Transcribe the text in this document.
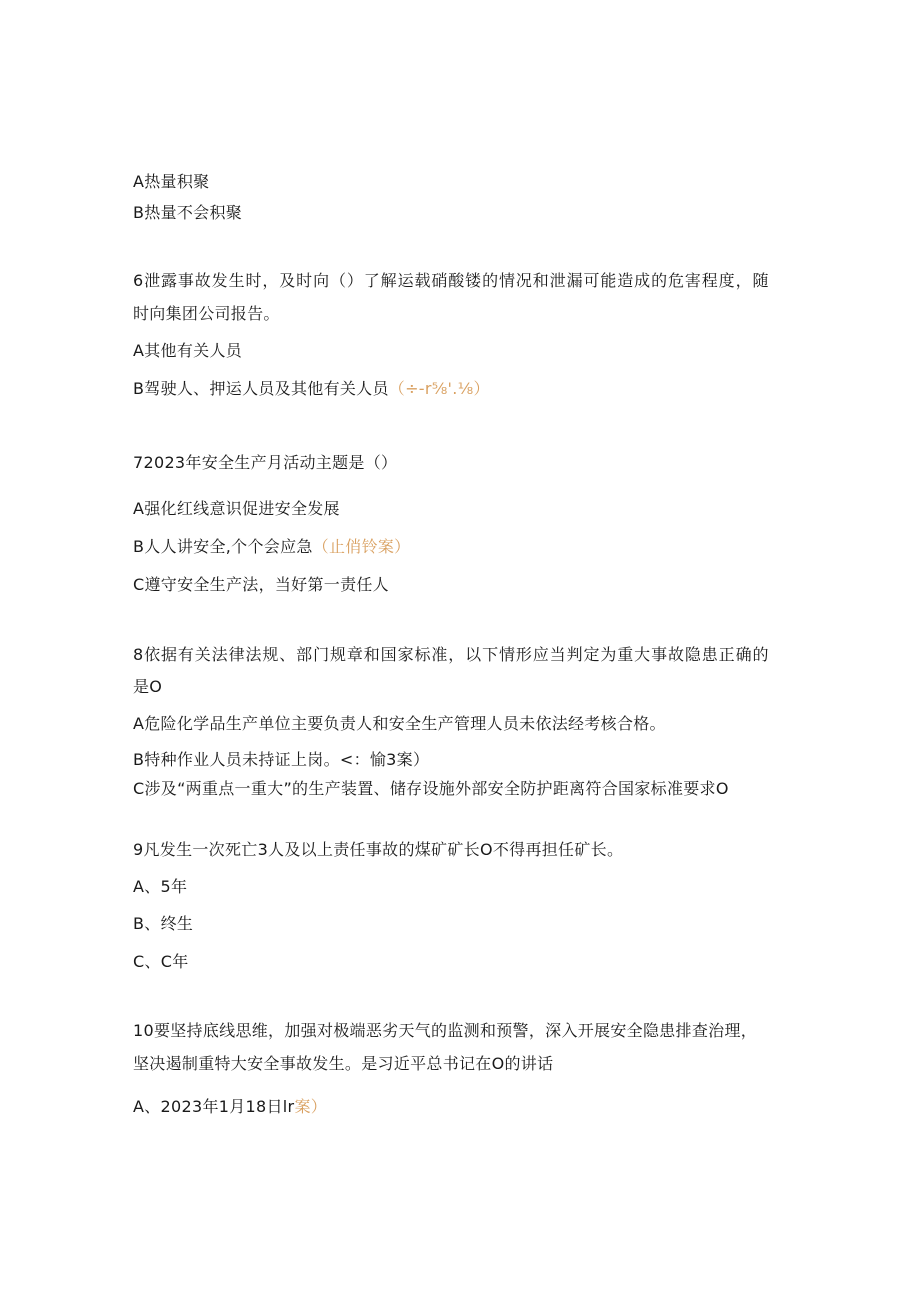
A热量积聚
B热量不会积聚
6泄露事故发生时，及时向（）了解运载硝酸镂的情况和泄漏可能造成的危害程度，随
时向集团公司报告。
A其他有关人员
B驾驶人、押运人员及其他有关人员（÷-r⅝'.⅛）
72023年安全生产月活动主题是（）
A强化红线意识促进安全发展
B人人讲安全,个个会应急（止俏铃案）
C遵守安全生产法，当好第一责任人
8依据有关法律法规、部门规章和国家标准，以下情形应当判定为重大事故隐患正确的
是O
A危险化学品生产单位主要负责人和安全生产管理人员未依法经考核合格。
B特种作业人员未持证上岗。<：愉3案）
C涉及“两重点一重大”的生产装置、储存设施外部安全防护距离符合国家标准要求O
9凡发生一次死亡3人及以上责任事故的煤矿矿长O不得再担任矿长。
A、5年
B、终生
C、C年
10要坚持底线思维，加强对极端恶劣天气的监测和预警，深入开展安全隐患排查治理，
坚决遏制重特大安全事故发生。是习近平总书记在O的讲话
A、2023年1月18日lr案）
